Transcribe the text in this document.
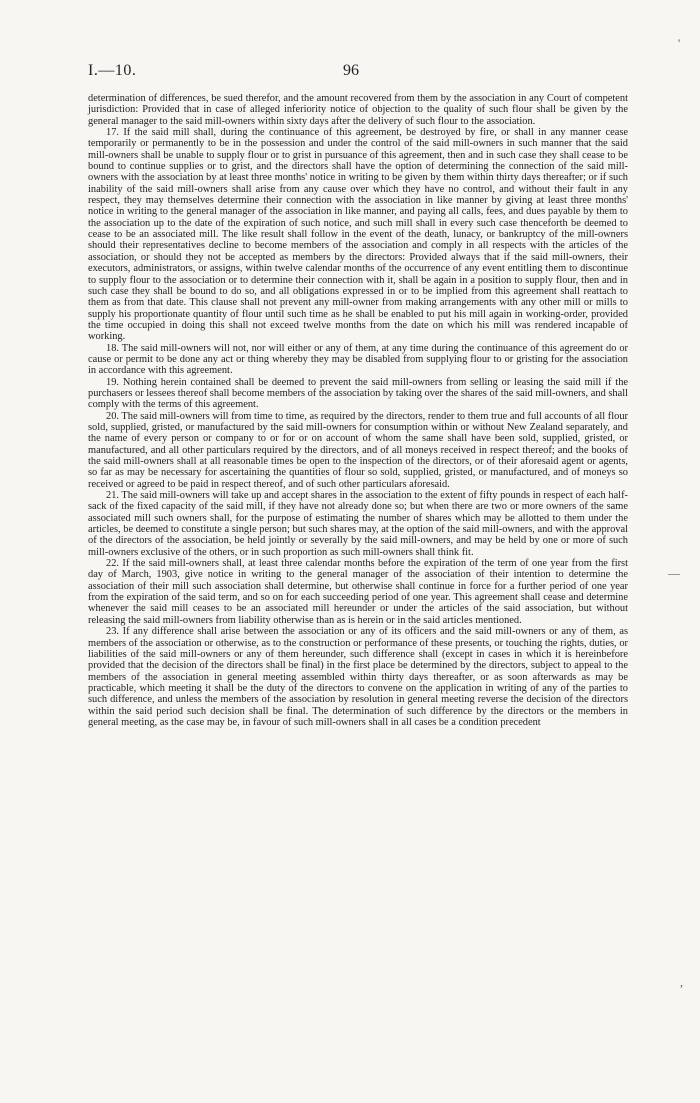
I.—10.	96

determination of differences, be sued therefor, and the amount recovered from them by the association in any Court of competent jurisdiction: Provided that in case of alleged inferiority notice of objection to the quality of such flour shall be given by the general manager to the said mill-owners within sixty days after the delivery of such flour to the association.

17. If the said mill shall, during the continuance of this agreement, be destroyed by fire, or shall in any manner cease temporarily or permanently to be in the possession and under the control of the said mill-owners in such manner that the said mill-owners shall be unable to supply flour or to grist in pursuance of this agreement, then and in such case they shall cease to be bound to continue supplies or to grist, and the directors shall have the option of determining the connection of the said mill-owners with the association by at least three months' notice in writing to be given by them within thirty days thereafter; or if such inability of the said mill-owners shall arise from any cause over which they have no control, and without their fault in any respect, they may themselves determine their connection with the association in like manner by giving at least three months' notice in writing to the general manager of the association in like manner, and paying all calls, fees, and dues payable by them to the association up to the date of the expiration of such notice, and such mill shall in every such case thenceforth be deemed to cease to be an associated mill. The like result shall follow in the event of the death, lunacy, or bankruptcy of the mill-owners should their representatives decline to become members of the association and comply in all respects with the articles of the association, or should they not be accepted as members by the directors: Provided always that if the said mill-owners, their executors, administrators, or assigns, within twelve calendar months of the occurrence of any event entitling them to discontinue to supply flour to the association or to determine their connection with it, shall be again in a position to supply flour, then and in such case they shall be bound to do so, and all obligations expressed in or to be implied from this agreement shall reattach to them as from that date. This clause shall not prevent any mill-owner from making arrangements with any other mill or mills to supply his proportionate quantity of flour until such time as he shall be enabled to put his mill again in working-order, provided the time occupied in doing this shall not exceed twelve months from the date on which his mill was rendered incapable of working.

18. The said mill-owners will not, nor will either or any of them, at any time during the continuance of this agreement do or cause or permit to be done any act or thing whereby they may be disabled from supplying flour to or gristing for the association in accordance with this agreement.

19. Nothing herein contained shall be deemed to prevent the said mill-owners from selling or leasing the said mill if the purchasers or lessees thereof shall become members of the association by taking over the shares of the said mill-owners, and shall comply with the terms of this agreement.

20. The said mill-owners will from time to time, as required by the directors, render to them true and full accounts of all flour sold, supplied, gristed, or manufactured by the said mill-owners for consumption within or without New Zealand separately, and the name of every person or company to or for or on account of whom the same shall have been sold, supplied, gristed, or manufactured, and all other particulars required by the directors, and of all moneys received in respect thereof; and the books of the said mill-owners shall at all reasonable times be open to the inspection of the directors, or of their aforesaid agent or agents, so far as may be necessary for ascertaining the quantities of flour so sold, supplied, gristed, or manufactured, and of moneys so received or agreed to be paid in respect thereof, and of such other particulars aforesaid.

21. The said mill-owners will take up and accept shares in the association to the extent of fifty pounds in respect of each half-sack of the fixed capacity of the said mill, if they have not already done so; but when there are two or more owners of the same associated mill such owners shall, for the purpose of estimating the number of shares which may be allotted to them under the articles, be deemed to constitute a single person; but such shares may, at the option of the said mill-owners, and with the approval of the directors of the association, be held jointly or severally by the said mill-owners, and may be held by one or more of such mill-owners exclusive of the others, or in such proportion as such mill-owners shall think fit.

22. If the said mill-owners shall, at least three calendar months before the expiration of the term of one year from the first day of March, 1903, give notice in writing to the general manager of the association of their intention to determine the association of their mill such association shall determine, but otherwise shall continue in force for a further period of one year from the expiration of the said term, and so on for each succeeding period of one year. This agreement shall cease and determine whenever the said mill ceases to be an associated mill hereunder or under the articles of the said association, but without releasing the said mill-owners from liability otherwise than as is herein or in the said articles mentioned.

23. If any difference shall arise between the association or any of its officers and the said mill-owners or any of them, as members of the association or otherwise, as to the construction or performance of these presents, or touching the rights, duties, or liabilities of the said mill-owners or any of them hereunder, such difference shall (except in cases in which it is hereinbefore provided that the decision of the directors shall be final) in the first place be determined by the directors, subject to appeal to the members of the association in general meeting assembled within thirty days thereafter, or as soon afterwards as may be practicable, which meeting it shall be the duty of the directors to convene on the application in writing of any of the parties to such difference, and unless the members of the association by resolution in general meeting reverse the decision of the directors within the said period such decision shall be final. The determination of such difference by the directors or the members in general meeting, as the case may be, in favour of such mill-owners shall in all cases be a condition precedent

'
—
,
